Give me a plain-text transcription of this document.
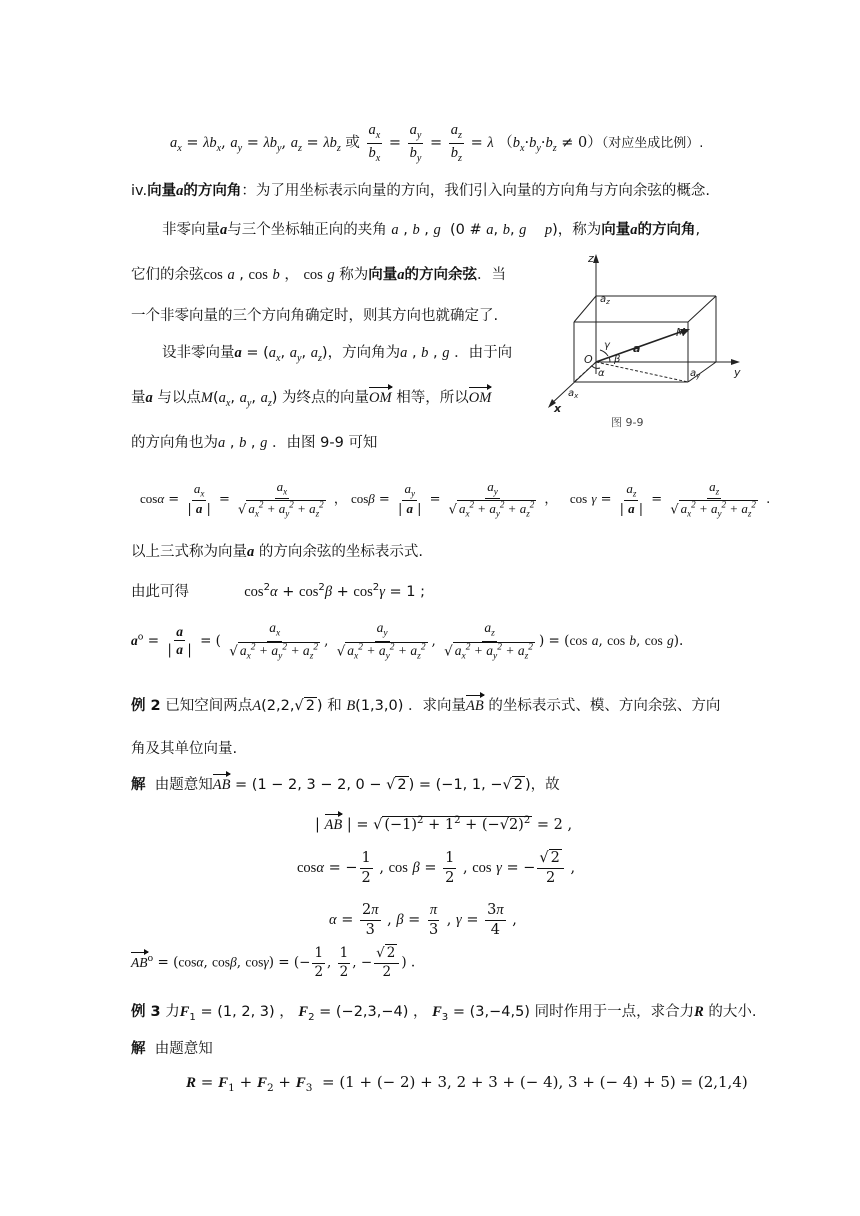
$a_x = \lambda b_x$, $a_y = \lambda b_y$, $a_z = \lambda b_z$ 或 $\frac{a_x}{b_x} = \frac{a_y}{b_y} = \frac{a_z}{b_z} = \lambda$ $(b_x\cdot b_y\cdot b_z \ne 0)$（对应坐成比例）.
iv.向量a的方向角：为了用坐标表示向量的方向，我们引入向量的方向角与方向余弦的概念.
非零向量a与三个坐标轴正向的夹角 a , b , g  (0 # a, b, g p)，称为向量a的方向角,
它们的余弦cos a , cos b ， cos g 称为向量a的方向余弦．当
一个非零向量的三个方向角确定时，则其方向也就确定了.
设非零向量$a = (a_x$, $a_y$, $a_z$)，方向角为a , b , g ．由于向
量a 与以点$M(a_x$, $a_y$, $a_z$) 为终点的向量OM 相等，所以OM
的方向角也为a , b , g ．由图 9-9 可知
z
y
x
O
M
a
$a_z$
$a_y$
$a_x$
γ
β
α
图 9-9
$\cos\alpha = \frac{a_x}{| a |} = \frac{a_x}{√ a_x^2 + a_y^2 + a_z^2}$ ， $\cos\beta = \frac{a_y}{| a |} = \frac{a_y}{√ a_x^2 + a_y^2 + a_z^2}$ ，   $\cos \gamma = \frac{a_z}{| a |} = \frac{a_z}{√ a_x^2 + a_y^2 + a_z^2}$ .
以上三式称为向量a 的方向余弦的坐标表示式.
由此可得	$\cos^2\alpha + \cos^2\beta + \cos^2\gamma = 1$ ;
$a^o = \frac{a}{| a |}$ = ( $\frac{a_x}{√ a_x^2 + a_y^2 + a_z^2}$ , $\frac{a_y}{√ a_x^2 + a_y^2 + a_z^2}$ , $\frac{a_z}{√ a_x^2 + a_y^2 + a_z^2}$ ) = (cos a, cos b, cos g).
例 2 已知空间两点A(2,2,√ 2 ) 和 B(1,3,0) ．求向量AB 的坐标表示式、模、方向余弦、方向
角及其单位向量.
解 由题意知AB = (1 − 2, 3 − 2, 0 − √ 2 ) = (−1, 1, −√ 2 )，故
| AB | = √ $(-1)^2 + 1^2 + (-√2)^2 = 2$ ,
cosα = − $\frac{1}{2}$ , $\cos \beta = \frac{1}{2}$ , cos γ = − $\frac{√ 2}{2}$ ,
$\alpha = \frac{2\pi}{3}$ , $\beta = \frac{\pi}{3}$ , $\gamma = \frac{3\pi}{4}$ ,
$AB^o = (\cos\alpha$, cosβ, cosγ) = (− $\frac{1}{2}$ , $\frac{1}{2}$ , − $\frac{√ 2}{2}$ ) .
例 3 力$F_1 = (1$, 2, 3) ， $F_2 = (-2,3,-4)$ ， $F_3 = (3,-4,5)$ 同时作用于一点，求合力R 的大小.
解 由题意知
$R = F_1 + F_2 + F_3 = (1$ + (− 2) + 3, 2 + 3 + (− 4), 3 + (− 4) + 5) = (2,1,4)
